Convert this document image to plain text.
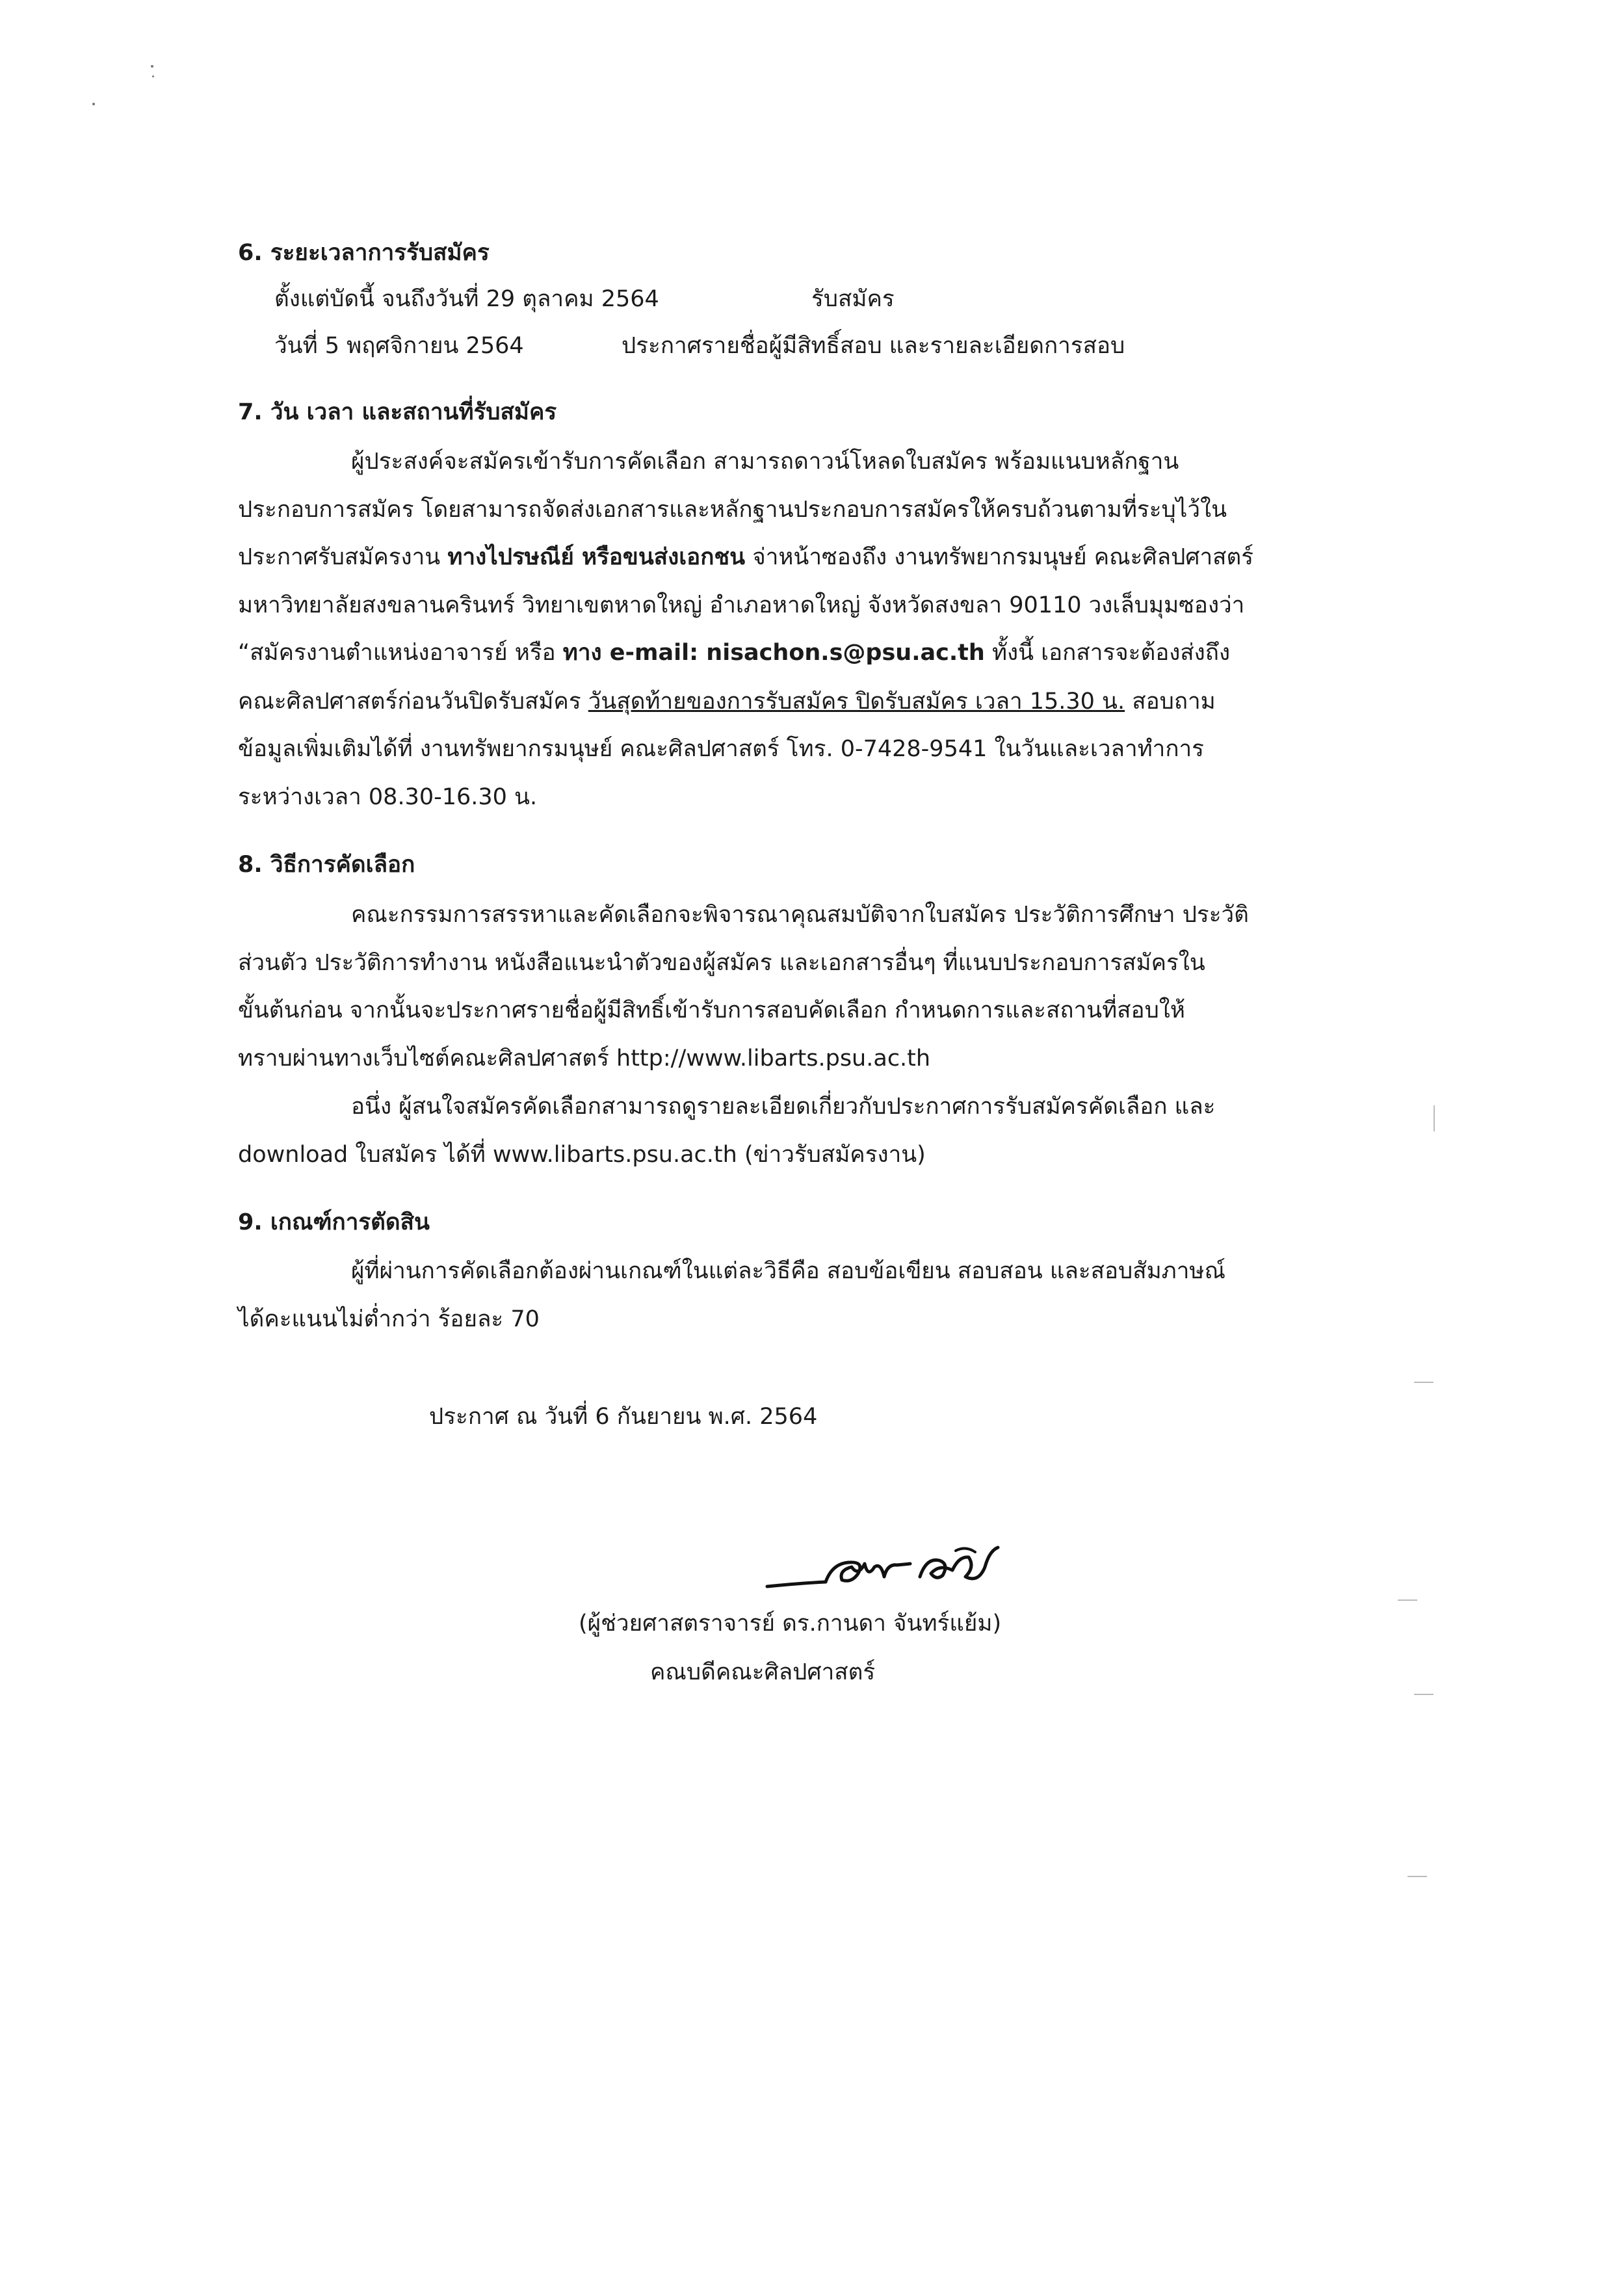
6. ระยะเวลาการรับสมัคร
ตั้งแต่บัดนี้ จนถึงวันที่ 29 ตุลาคม 2564	รับสมัคร
วันที่ 5 พฤศจิกายน 2564	ประกาศรายชื่อผู้มีสิทธิ์สอบ และรายละเอียดการสอบ
7. วัน เวลา และสถานที่รับสมัคร
ผู้ประสงค์จะสมัครเข้ารับการคัดเลือก สามารถดาวน์โหลดใบสมัคร พร้อมแนบหลักฐาน
ประกอบการสมัคร โดยสามารถจัดส่งเอกสารและหลักฐานประกอบการสมัครให้ครบถ้วนตามที่ระบุไว้ใน
ประกาศรับสมัครงาน ทางไปรษณีย์ หรือขนส่งเอกชน จ่าหน้าซองถึง งานทรัพยากรมนุษย์ คณะศิลปศาสตร์
มหาวิทยาลัยสงขลานครินทร์ วิทยาเขตหาดใหญ่ อำเภอหาดใหญ่ จังหวัดสงขลา 90110 วงเล็บมุมซองว่า
“สมัครงานตำแหน่งอาจารย์ หรือ ทาง e-mail: nisachon.s@psu.ac.th ทั้งนี้ เอกสารจะต้องส่งถึง
คณะศิลปศาสตร์ก่อนวันปิดรับสมัคร วันสุดท้ายของการรับสมัคร ปิดรับสมัคร เวลา 15.30 น. สอบถาม
ข้อมูลเพิ่มเติมได้ที่ งานทรัพยากรมนุษย์ คณะศิลปศาสตร์ โทร. 0-7428-9541 ในวันและเวลาทำการ
ระหว่างเวลา 08.30-16.30 น.
8. วิธีการคัดเลือก
คณะกรรมการสรรหาและคัดเลือกจะพิจารณาคุณสมบัติจากใบสมัคร ประวัติการศึกษา ประวัติ
ส่วนตัว ประวัติการทำงาน หนังสือแนะนำตัวของผู้สมัคร และเอกสารอื่นๆ ที่แนบประกอบการสมัครใน
ขั้นต้นก่อน จากนั้นจะประกาศรายชื่อผู้มีสิทธิ์เข้ารับการสอบคัดเลือก กำหนดการและสถานที่สอบให้
ทราบผ่านทางเว็บไซต์คณะศิลปศาสตร์ http://www.libarts.psu.ac.th
อนึ่ง ผู้สนใจสมัครคัดเลือกสามารถดูรายละเอียดเกี่ยวกับประกาศการรับสมัครคัดเลือก และ
download ใบสมัคร ได้ที่ www.libarts.psu.ac.th (ข่าวรับสมัครงาน)
9. เกณฑ์การตัดสิน
ผู้ที่ผ่านการคัดเลือกต้องผ่านเกณฑ์ในแต่ละวิธีคือ สอบข้อเขียน สอบสอน และสอบสัมภาษณ์
ได้คะแนนไม่ต่ำกว่า ร้อยละ 70
ประกาศ ณ วันที่ 6 กันยายน พ.ศ. 2564
(ผู้ช่วยศาสตราจารย์ ดร.กานดา จันทร์แย้ม)
คณบดีคณะศิลปศาสตร์
